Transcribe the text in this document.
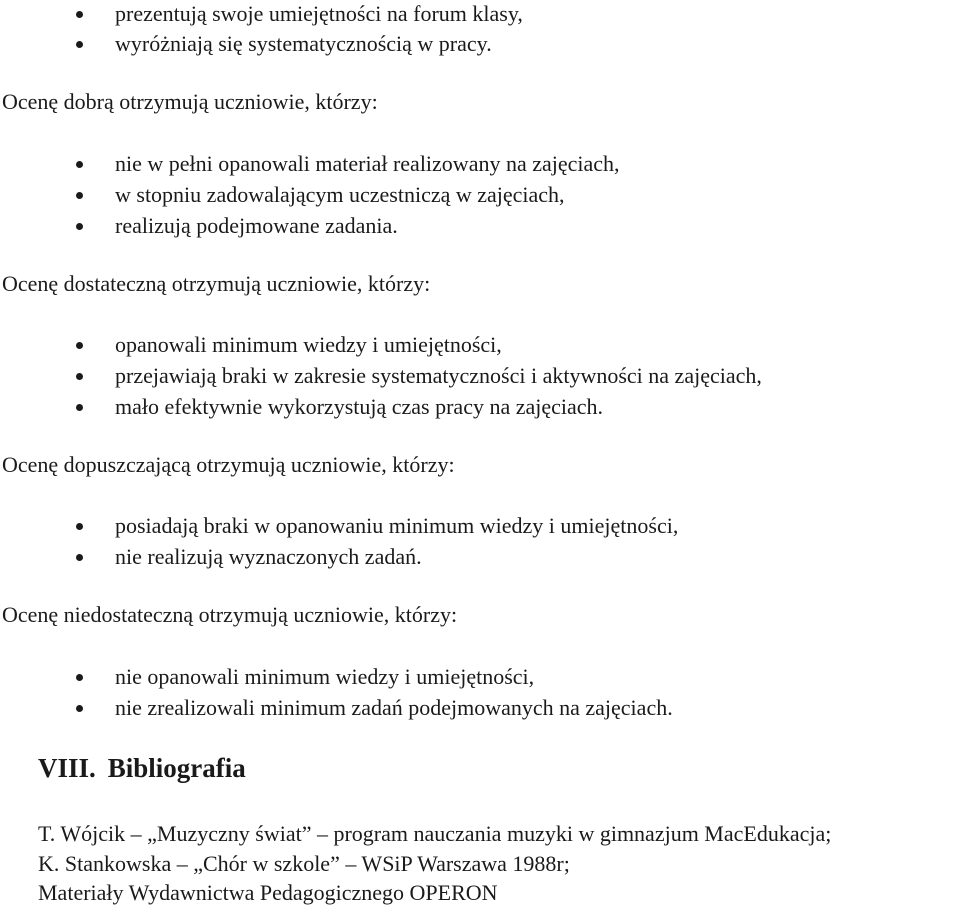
prezentują swoje umiejętności na forum klasy,
wyróżniają się systematycznością w pracy.
Ocenę dobrą otrzymują uczniowie, którzy:
nie w pełni opanowali materiał realizowany na zajęciach,
w stopniu zadowalającym uczestniczą w zajęciach,
realizują podejmowane zadania.
Ocenę dostateczną otrzymują uczniowie, którzy:
opanowali minimum wiedzy i umiejętności,
przejawiają braki w zakresie systematyczności i aktywności na zajęciach,
mało efektywnie wykorzystują czas pracy na zajęciach.
Ocenę dopuszczającą otrzymują uczniowie, którzy:
posiadają braki w opanowaniu minimum wiedzy i umiejętności,
nie realizują wyznaczonych zadań.
Ocenę niedostateczną otrzymują uczniowie, którzy:
nie opanowali minimum wiedzy i umiejętności,
nie zrealizowali minimum zadań podejmowanych na zajęciach.
VIII. Bibliografia
T. Wójcik – „Muzyczny świat” – program nauczania muzyki w gimnazjum MacEdukacja;
K. Stankowska – „Chór w szkole” – WSiP Warszawa 1988r;
Materiały Wydawnictwa Pedagogicznego OPERON
